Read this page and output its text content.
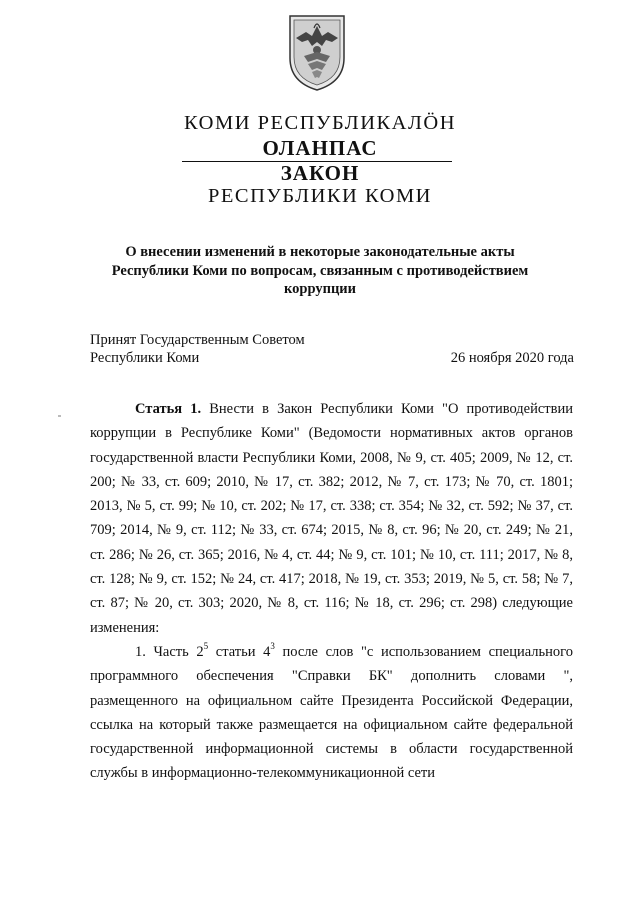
КОМИ РЕСПУБЛИКАЛӦН
ОЛАНПАС
ЗАКОН
РЕСПУБЛИКИ КОМИ
О внесении изменений в некоторые законодательные акты Республики Коми по вопросам, связанным с противодействием коррупции
Принят Государственным Советом
Республики Коми	26 ноября 2020 года

Статья 1. Внести в Закон Республики Коми "О противодействии коррупции в Республике Коми" (Ведомости нормативных актов органов государственной власти Республики Коми, 2008, № 9, ст. 405; 2009, № 12, ст. 200; № 33, ст. 609; 2010, № 17, ст. 382; 2012, № 7, ст. 173; № 70, ст. 1801; 2013, № 5, ст. 99; № 10, ст. 202; № 17, ст. 338; ст. 354; № 32, ст. 592; № 37, ст. 709; 2014, № 9, ст. 112; № 33, ст. 674; 2015, № 8, ст. 96; № 20, ст. 249; № 21, ст. 286; № 26, ст. 365; 2016, № 4, ст. 44; № 9, ст. 101; № 10, ст. 111; 2017, № 8, ст. 128; № 9, ст. 152; № 24, ст. 417; 2018, № 19, ст. 353; 2019, № 5, ст. 58; № 7, ст. 87; № 20, ст. 303; 2020, № 8, ст. 116; № 18, ст. 296; ст. 298) следующие изменения:

1. Часть $2^5$ статьи $4^3$ после слов "с использованием специального программного обеспечения "Справки БК" дополнить словами ", размещенного на официальном сайте Президента Российской Федерации, ссылка на который также размещается на официальном сайте федеральной государственной информационной системы в области государственной службы в информационно-телекоммуникационной сети
